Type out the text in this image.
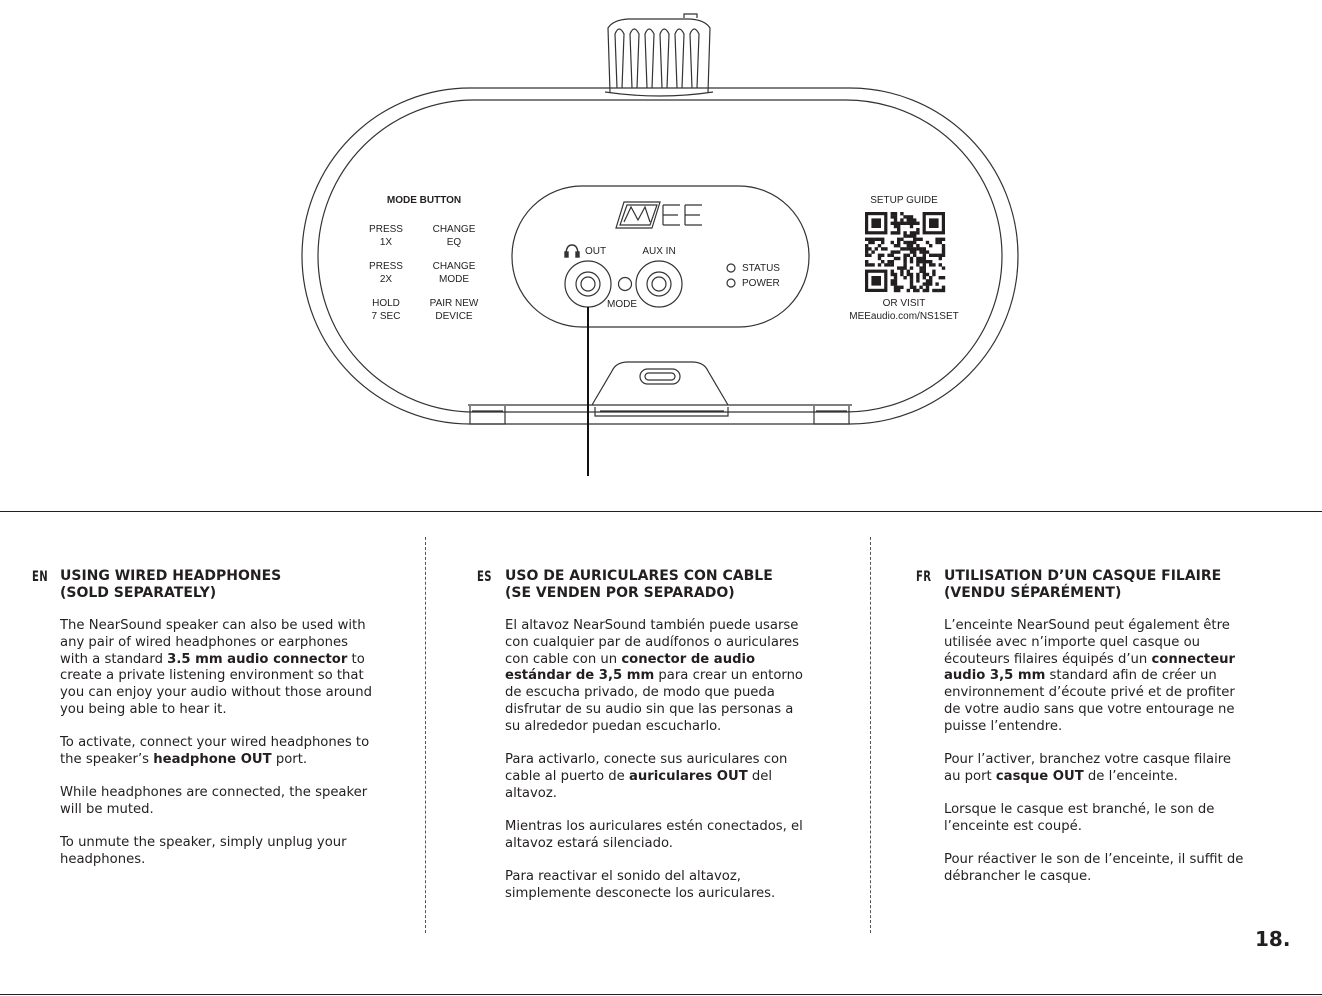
MODE BUTTON
PRESS
1X
CHANGE
EQ
PRESS
2X
CHANGE
MODE
HOLD
7 SEC
PAIR NEW
DEVICE
OUT	AUX IN
MODE
STATUS
POWER
SETUP GUIDE
OR VISIT
MEEaudio.com/NS1SET
EN USING WIRED HEADPHONES
(SOLD SEPARATELY)

The NearSound speaker can also be used with any pair of wired headphones or earphones with a standard 3.5 mm audio connector to create a private listening environment so that you can enjoy your audio without those around you being able to hear it.

To activate, connect your wired headphones to the speaker’s headphone OUT port.

While headphones are connected, the speaker will be muted.

To unmute the speaker, simply unplug your headphones.

ES USO DE AURICULARES CON CABLE
(SE VENDEN POR SEPARADO)

El altavoz NearSound también puede usarse con cualquier par de audífonos o auriculares con cable con un conector de audio estándar de 3,5 mm para crear un entorno de escucha privado, de modo que pueda disfrutar de su audio sin que las personas a su alrededor puedan escucharlo.

Para activarlo, conecte sus auriculares con cable al puerto de auriculares OUT del altavoz.

Mientras los auriculares estén conectados, el altavoz estará silenciado.

Para reactivar el sonido del altavoz, simplemente desconecte los auriculares.

FR UTILISATION D’UN CASQUE FILAIRE
(VENDU SÉPARÉMENT)

L’enceinte NearSound peut également être utilisée avec n’importe quel casque ou écouteurs filaires équipés d’un connecteur audio 3,5 mm standard afin de créer un environnement d’écoute privé et de profiter de votre audio sans que votre entourage ne puisse l’entendre.

Pour l’activer, branchez votre casque filaire au port casque OUT de l’enceinte.

Lorsque le casque est branché, le son de l’enceinte est coupé.

Pour réactiver le son de l’enceinte, il suffit de débrancher le casque.

18.
